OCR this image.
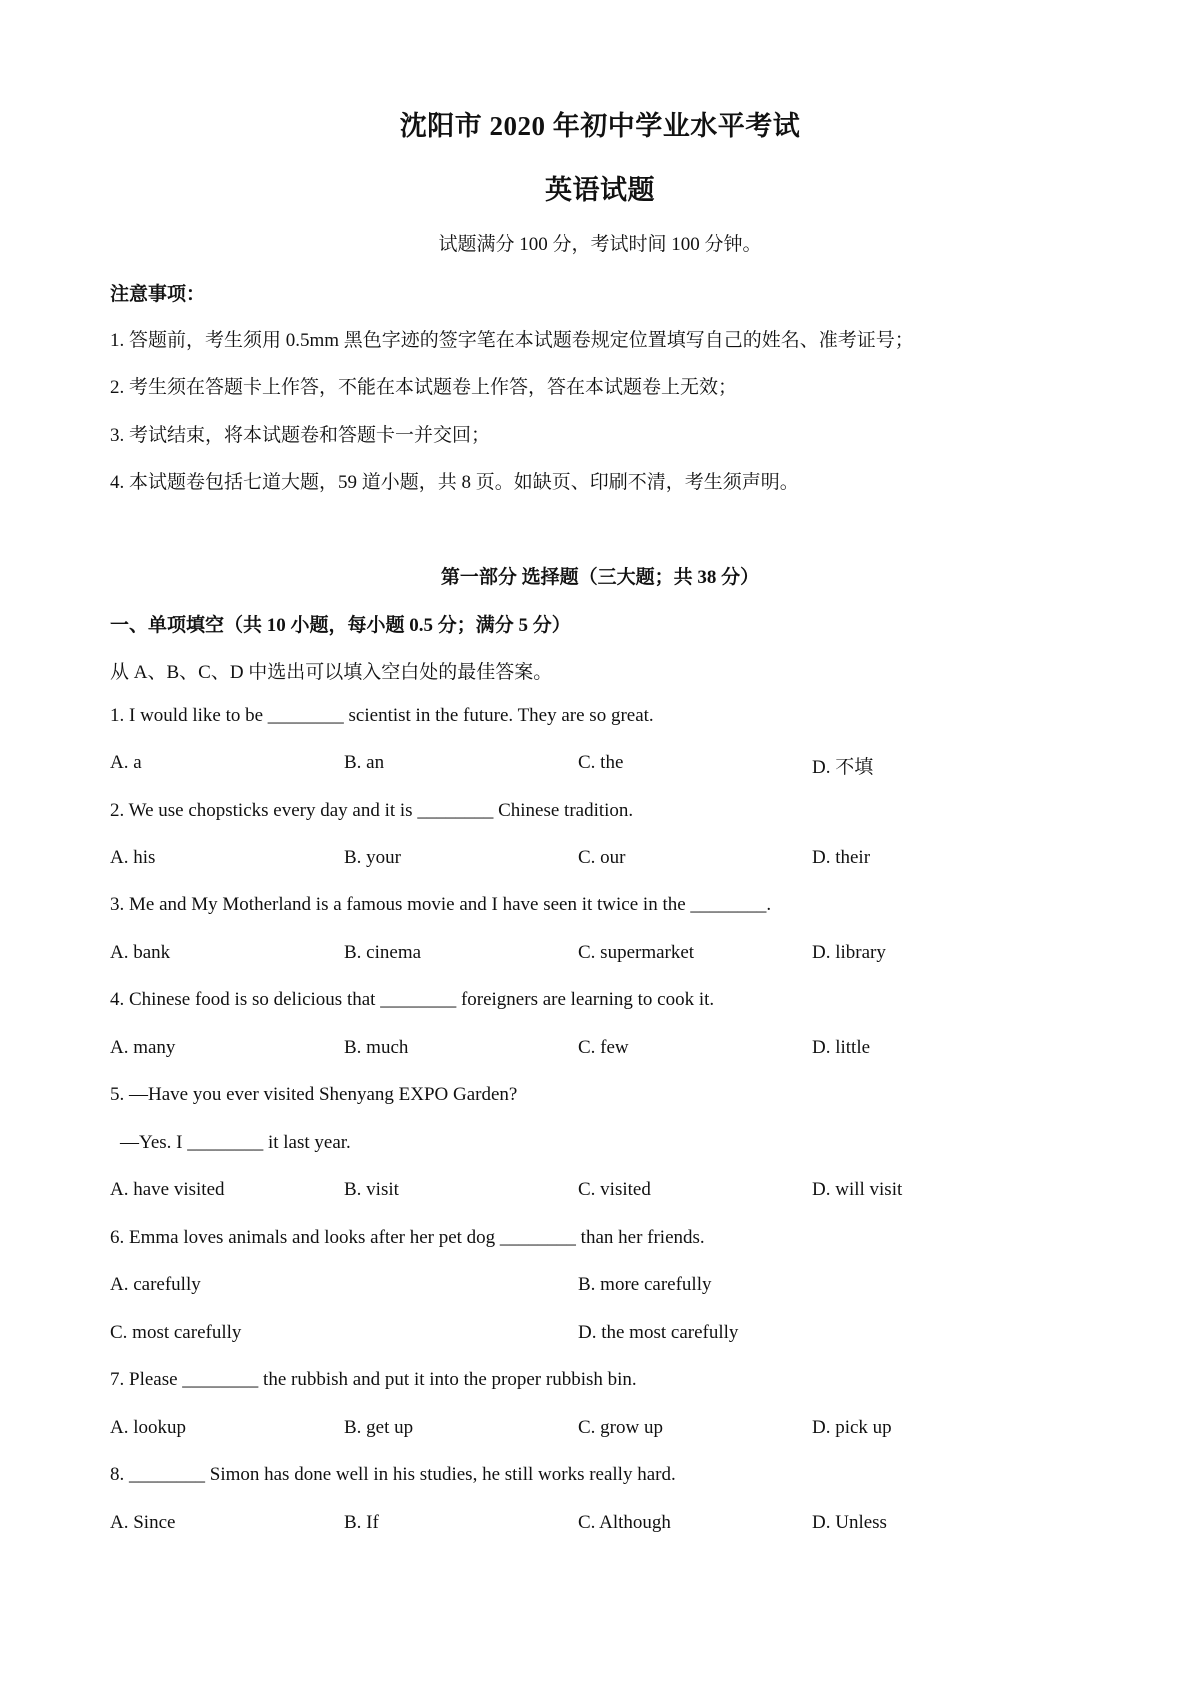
沈阳市 2020 年初中学业水平考试
英语试题
试题满分 100 分，考试时间 100 分钟。
注意事项：
1. 答题前，考生须用 0.5mm 黑色字迹的签字笔在本试题卷规定位置填写自己的姓名、准考证号；
2. 考生须在答题卡上作答，不能在本试题卷上作答，答在本试题卷上无效；
3. 考试结束，将本试题卷和答题卡一并交回；
4. 本试题卷包括七道大题，59 道小题，共 8 页。如缺页、印刷不清，考生须声明。
第一部分 选择题（三大题；共 38 分）
一、单项填空（共 10 小题，每小题 0.5 分；满分 5 分）
从 A、B、C、D 中选出可以填入空白处的最佳答案。
1. I would like to be ________ scientist in the future. They are so great.
A. a	B. an	C. the	D. 不填
2. We use chopsticks every day and it is ________ Chinese tradition.
A. his	B. your	C. our	D. their
3. Me and My Motherland is a famous movie and I have seen it twice in the ________.
A. bank	B. cinema	C. supermarket	D. library
4. Chinese food is so delicious that ________ foreigners are learning to cook it.
A. many	B. much	C. few	D. little
5. —Have you ever visited Shenyang EXPO Garden?
—Yes. I ________ it last year.
A. have visited	B. visit	C. visited	D. will visit
6. Emma loves animals and looks after her pet dog ________ than her friends.
A. carefully	B. more carefully
C. most carefully	D. the most carefully
7. Please ________ the rubbish and put it into the proper rubbish bin.
A. lookup	B. get up	C. grow up	D. pick up
8. ________ Simon has done well in his studies, he still works really hard.
A. Since	B. If	C. Although	D. Unless
